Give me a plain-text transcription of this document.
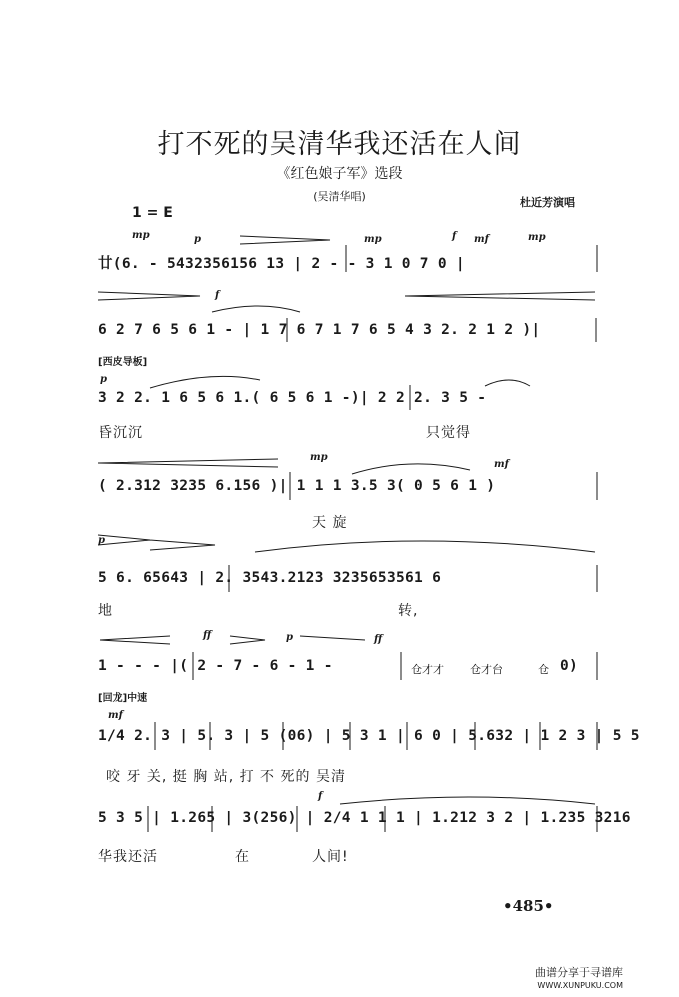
打不死的吴清华我还活在人间
《红色娘子军》选段
(吴清华唱)	杜近芳演唱
1 = E
mp	p	mp	f mf	mp
f
p
mp
mf
p
ff	p	ff
mf
f
[西皮导板]
[回龙]中速
廿(6. - 5432356156 13 | 2 - - 3 1 0 7 0 |
6 2 7 6 5 6 1 - | 1 7 6 7 1 7 6 5 4 3 2. 2 1 2 )|
3 2 2. 1 6 5 6 1.( 6 5 6 1 -)| 2 2 2. 3 5 -
( 2.312 3235 6.156 )| 1 1 1 3.5 3( 0 5 6 1 )
5 6. 65643 | 2. 3543.2123 3235653561 6
1 - - - |( 2 - 7 - 6 - 1 -
1/4 2. 3 | 5. 3 | 5 (06) | 5 3 1 | 6 0 | 5.632 | 1 2 3 | 5 5
5 3 5 | 1.265 | 3(256) | 2/4 1 1 1 | 1.212 3 2 | 1.235 3216
仓才才 仓才台	仓 0)
昏沉沉	只觉得
天 旋
地	转,
咬 牙 关, 挺 胸 站, 打 不 死的 吴清
华我还活	在	人间!
•485•
曲谱分享于寻谱库
WWW.XUNPUKU.COM
